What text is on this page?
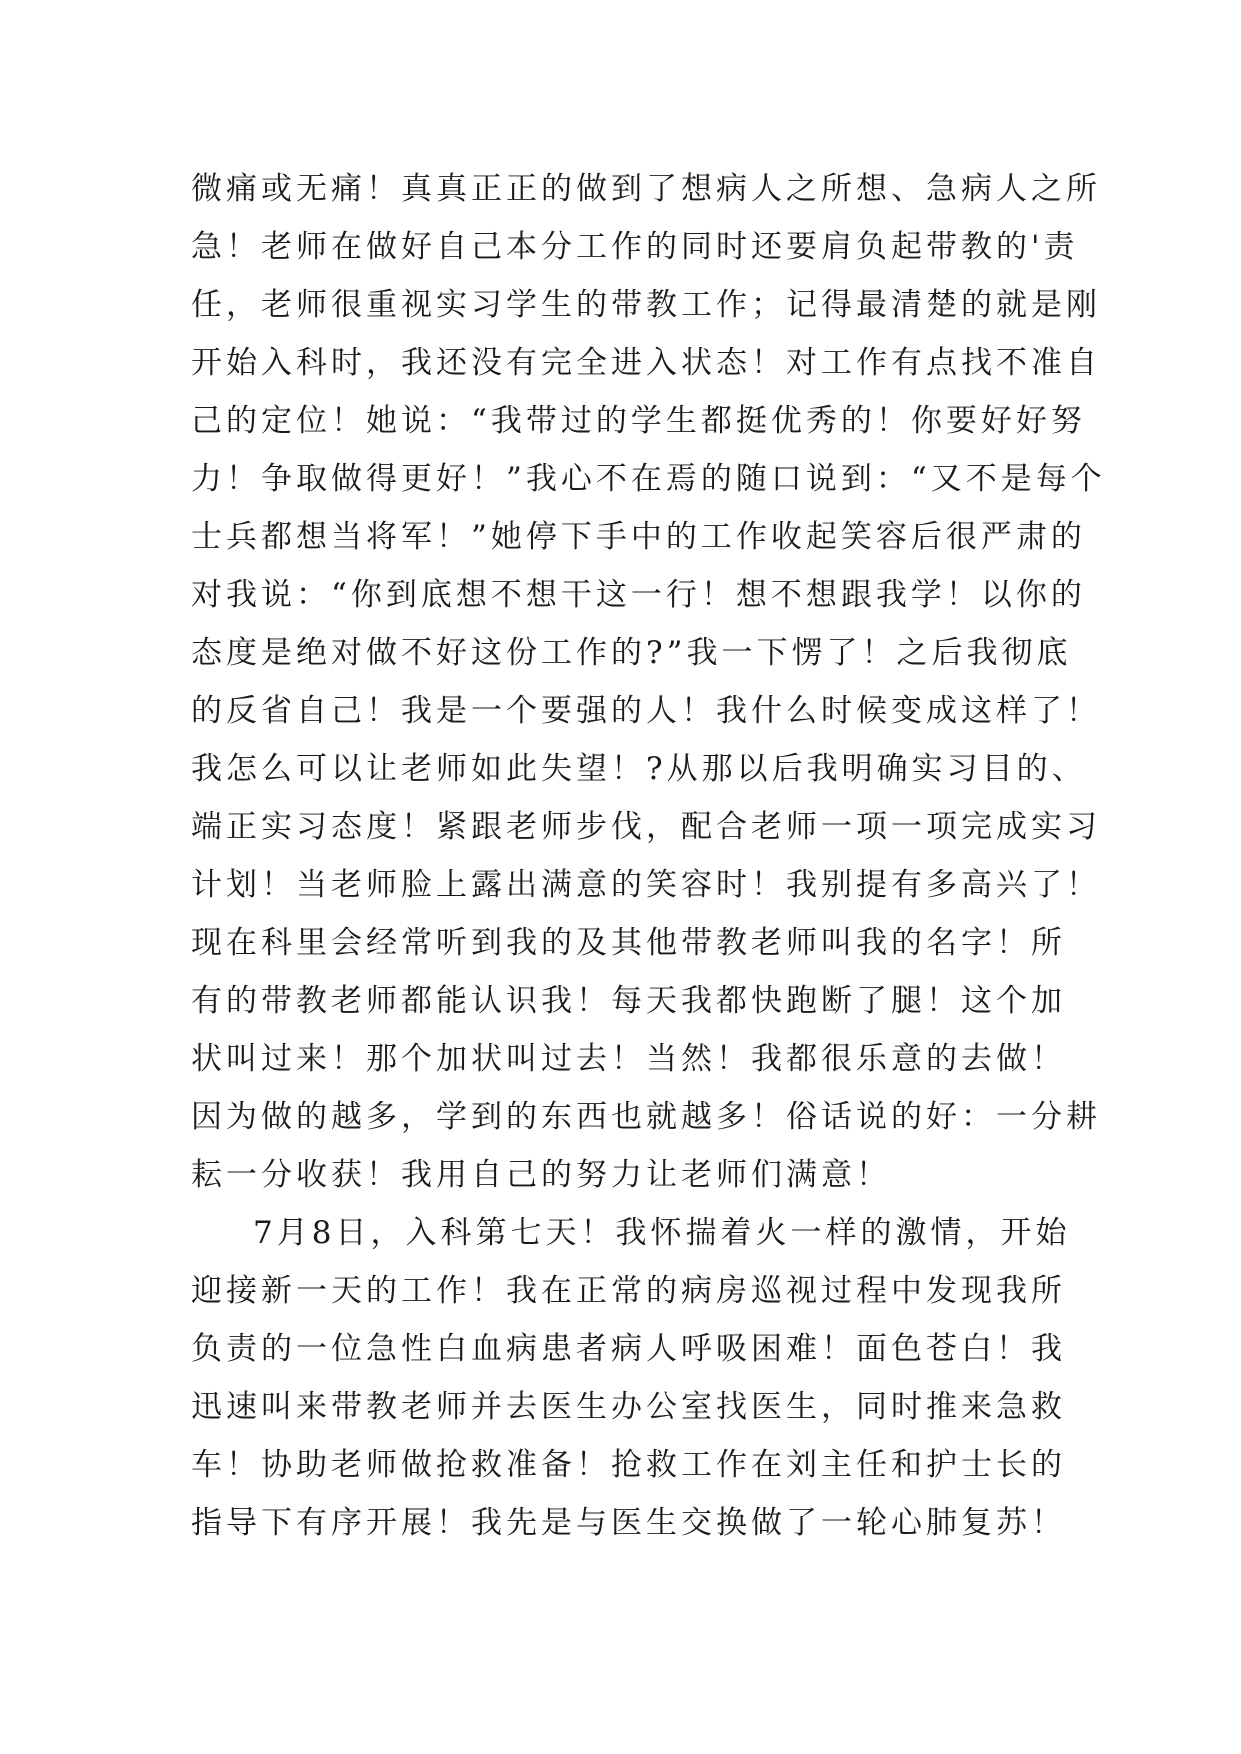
微痛或无痛！真真正正的做到了想病人之所想、急病人之所
急！老师在做好自己本分工作的同时还要肩负起带教的'责
任，老师很重视实习学生的带教工作；记得最清楚的就是刚
开始入科时，我还没有完全进入状态！对工作有点找不准自
己的定位！她说：“我带过的学生都挺优秀的！你要好好努
力！争取做得更好！”我心不在焉的随口说到：“又不是每个
士兵都想当将军！”她停下手中的工作收起笑容后很严肃的
对我说：“你到底想不想干这一行！想不想跟我学！以你的
态度是绝对做不好这份工作的?”我一下愣了！之后我彻底
的反省自己！我是一个要强的人！我什么时候变成这样了！
我怎么可以让老师如此失望！?从那以后我明确实习目的、
端正实习态度！紧跟老师步伐，配合老师一项一项完成实习
计划！当老师脸上露出满意的笑容时！我别提有多高兴了！
现在科里会经常听到我的及其他带教老师叫我的名字！所
有的带教老师都能认识我！每天我都快跑断了腿！这个加
状叫过来！那个加状叫过去！当然！我都很乐意的去做！
因为做的越多，学到的东西也就越多！俗话说的好：一分耕
耘一分收获！我用自己的努力让老师们满意！
7月8日，入科第七天！我怀揣着火一样的激情，开始
迎接新一天的工作！我在正常的病房巡视过程中发现我所
负责的一位急性白血病患者病人呼吸困难！面色苍白！我
迅速叫来带教老师并去医生办公室找医生，同时推来急救
车！协助老师做抢救准备！抢救工作在刘主任和护士长的
指导下有序开展！我先是与医生交换做了一轮心肺复苏！
